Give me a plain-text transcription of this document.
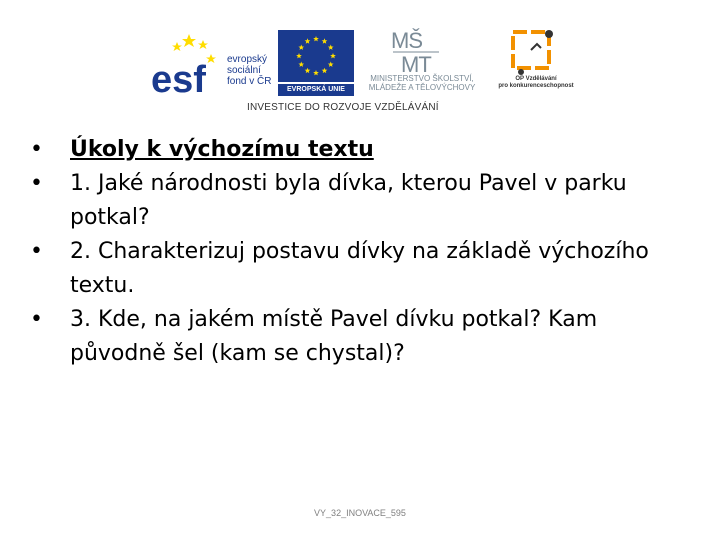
esf evropský
sociální
fond v ČR
EVROPSKÁ UNIE
MŠ
MT
MINISTERSTVO ŠKOLSTVÍ,
MLÁDEŽE A TĚLOVÝCHOVY
OP Vzdělávání
pro konkurenceschopnost
INVESTICE DO ROZVOJE VZDĚLÁVÁNÍ
•	Úkoly k výchozímu textu
•	1. Jaké národnosti byla dívka, kterou Pavel v parku potkal?
•	2. Charakterizuj postavu dívky na základě výchozího textu.
•	3. Kde, na jakém místě Pavel dívku potkal? Kam původně šel (kam se chystal)?
VY_32_INOVACE_595
